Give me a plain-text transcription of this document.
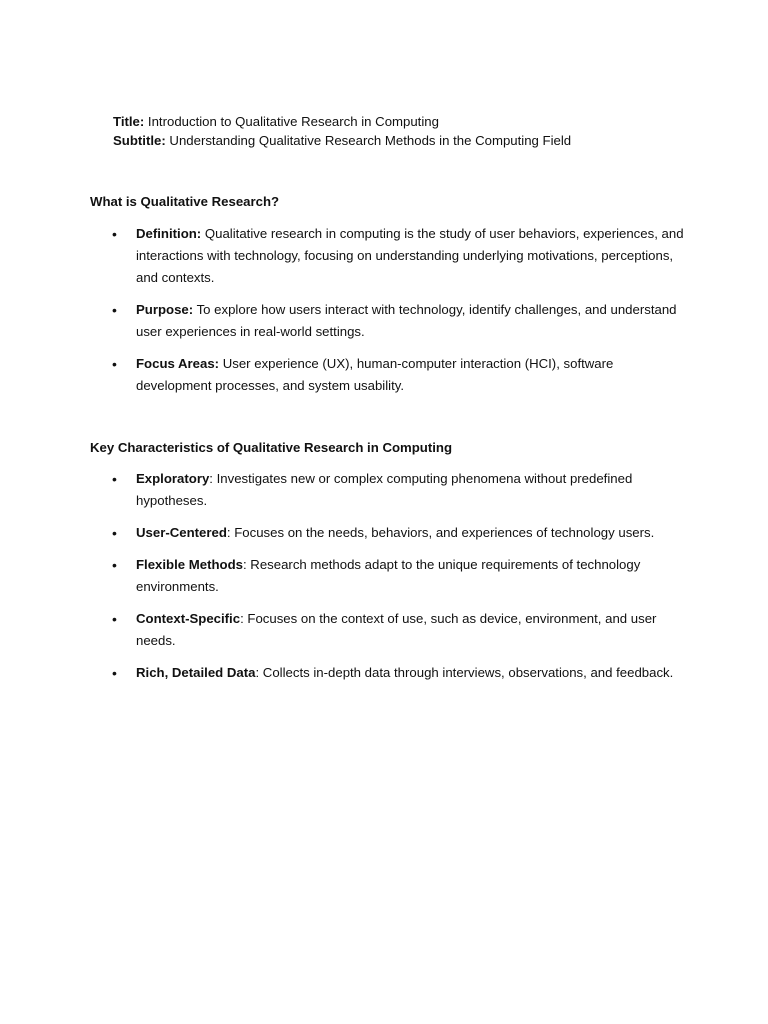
Title: Introduction to Qualitative Research in Computing
Subtitle: Understanding Qualitative Research Methods in the Computing Field
What is Qualitative Research?
• Definition: Qualitative research in computing is the study of user behaviors, experiences, and interactions with technology, focusing on understanding underlying motivations, perceptions, and contexts.
• Purpose: To explore how users interact with technology, identify challenges, and understand user experiences in real-world settings.
• Focus Areas: User experience (UX), human-computer interaction (HCI), software development processes, and system usability.
Key Characteristics of Qualitative Research in Computing
• Exploratory: Investigates new or complex computing phenomena without predefined hypotheses.
• User-Centered: Focuses on the needs, behaviors, and experiences of technology users.
• Flexible Methods: Research methods adapt to the unique requirements of technology environments.
• Context-Specific: Focuses on the context of use, such as device, environment, and user needs.
• Rich, Detailed Data: Collects in-depth data through interviews, observations, and feedback.
